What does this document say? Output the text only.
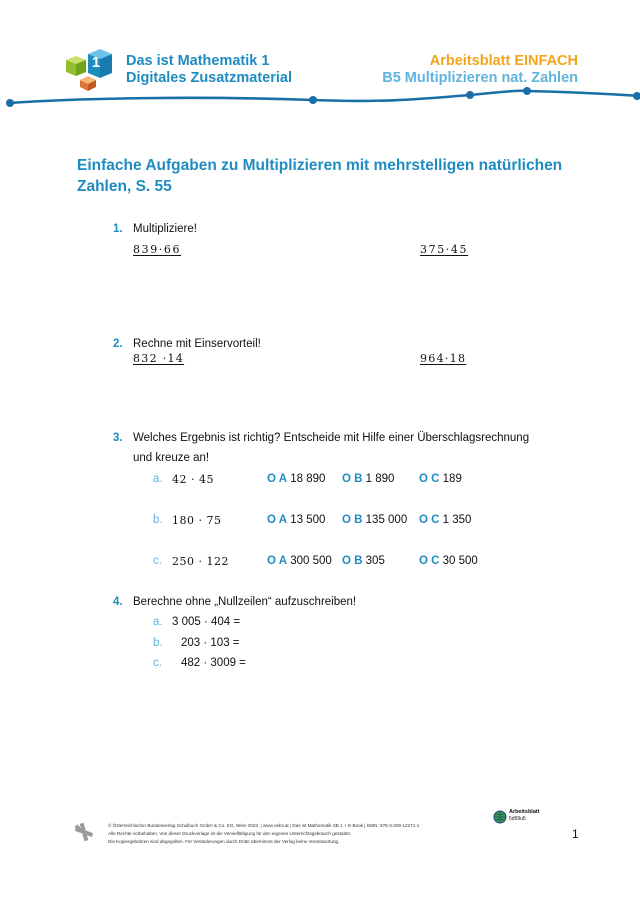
1 Das ist Mathematik 1
Digitales Zusatzmaterial
Arbeitsblatt EINFACH
B5 Multiplizieren nat. Zahlen
Einfache Aufgaben zu Multiplizieren mit mehrstelligen natürlichen Zahlen, S. 55
1. Multipliziere!
839·66	375·45
2. Rechne mit Einservorteil!
832 ·14	964·18
3. Welches Ergebnis ist richtig? Entscheide mit Hilfe einer Überschlagsrechnung
und kreuze an!
a. 42 · 45	O A 18 890 O B 1 890 O C 189
b. 180 · 75	O A 13 500 O B 135 000 O C 1 350
c. 250 · 122	O A 300 500 O B 305	O C 30 500
4. Berechne ohne „Nullzeilen“ aufzuschreiben!
a. 3 005 · 404 =
b. 203 · 103 =
c. 482 · 3009 =
© Österreichischer Bundesverlag Schulbuch GmbH & Co. KG, Wien 2023. | www.oebv.at | Das ist Mathematik SB 1 + E-Book | ISBN: 978-3-209-12271-1
Alle Rechte vorbehalten. Von dieser Druckvorlage ist die Vervielfältigung für den eigenen Unterrichtsgebrauch gestattet.
Die Kopiergebühren sind abgegolten. Für Veränderungen durch Dritte übernimmt der Verlag keine Verantwortung.
Arbeitsblatt
5d99u5
1
